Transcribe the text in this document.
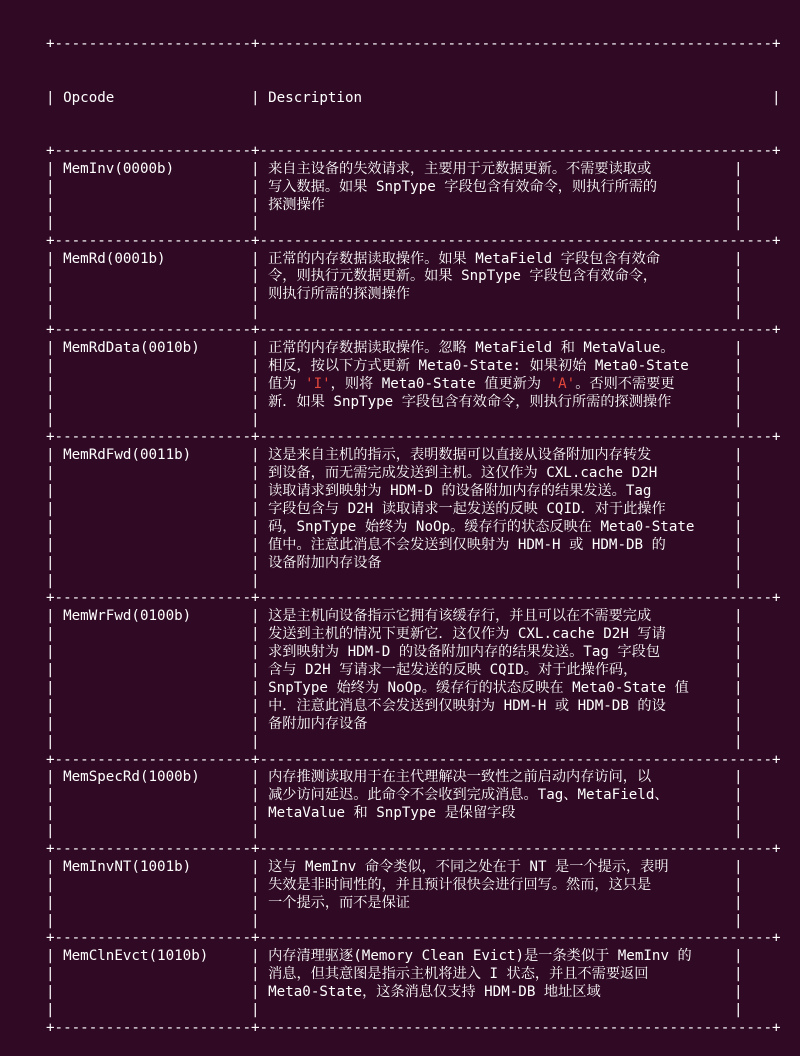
+-----------------------+------------------------------------------------------------+

| Opcode                | Description                                                |

+-----------------------+------------------------------------------------------------+
| MemInv(0000b)         | 来自主设备的失效请求，主要用于元数据更新。不需要读取或	|
|	| 写入数据。如果 SnpType 字段包含有效命令，则执行所需的	|
|	| 探测操作	|
|	|	|
+-----------------------+------------------------------------------------------------+
| MemRd(0001b)          | 正常的内存数据读取操作。如果 MetaField 字段包含有效命	|
|	| 令，则执行元数据更新。如果 SnpType 字段包含有效命令，	|
|	| 则执行所需的探测操作	|
|	|	|
+-----------------------+------------------------------------------------------------+
| MemRdData(0010b)      | 正常的内存数据读取操作。忽略 MetaField 和 MetaValue。	|
|	| 相反，按以下方式更新 Meta0-State: 如果初始 Meta0-State	|
|	| 值为 'I'，则将 Meta0-State 值更新为 'A'。否则不需要更	|
|	| 新．如果 SnpType 字段包含有效命令，则执行所需的探测操作	|
|	|	|
+-----------------------+------------------------------------------------------------+
| MemRdFwd(0011b)       | 这是来自主机的指示，表明数据可以直接从设备附加内存转发	|
|	| 到设备，而无需完成发送到主机。这仅作为 CXL.cache D2H	|
|	| 读取请求到映射为 HDM-D 的设备附加内存的结果发送。Tag	|
|	| 字段包含与 D2H 读取请求一起发送的反映 CQID．对于此操作	|
|	| 码，SnpType 始终为 NoOp。缓存行的状态反映在 Meta0-State	|
|	| 值中。注意此消息不会发送到仅映射为 HDM-H 或 HDM-DB 的	|
|	| 设备附加内存设备	|
|	|	|
+-----------------------+------------------------------------------------------------+
| MemWrFwd(0100b)       | 这是主机向设备指示它拥有该缓存行，并且可以在不需要完成	|
|	| 发送到主机的情况下更新它．这仅作为 CXL.cache D2H 写请	|
|	| 求到映射为 HDM-D 的设备附加内存的结果发送。Tag 字段包	|
|	| 含与 D2H 写请求一起发送的反映 CQID。对于此操作码，	|
|	| SnpType 始终为 NoOp。缓存行的状态反映在 Meta0-State 值	|
|	| 中．注意此消息不会发送到仅映射为 HDM-H 或 HDM-DB 的设	|
|	| 备附加内存设备	|
|	|	|
+-----------------------+------------------------------------------------------------+
| MemSpecRd(1000b)      | 内存推测读取用于在主代理解决一致性之前启动内存访问，以	|
|	| 减少访问延迟。此命令不会收到完成消息。Tag、MetaField、	|
|	| MetaValue 和 SnpType 是保留字段	|
|	|	|
+-----------------------+------------------------------------------------------------+
| MemInvNT(1001b)       | 这与 MemInv 命令类似，不同之处在于 NT 是一个提示，表明	|
|	| 失效是非时间性的，并且预计很快会进行回写。然而，这只是	|
|	| 一个提示，而不是保证	|
|	|	|
+-----------------------+------------------------------------------------------------+
| MemClnEvct(1010b)     | 内存清理驱逐(Memory Clean Evict)是一条类似于 MemInv 的	|
|	| 消息，但其意图是指示主机将进入 I 状态，并且不需要返回	|
|	| Meta0-State，这条消息仅支持 HDM-DB 地址区域	|
|	|	|
+-----------------------+------------------------------------------------------------+
